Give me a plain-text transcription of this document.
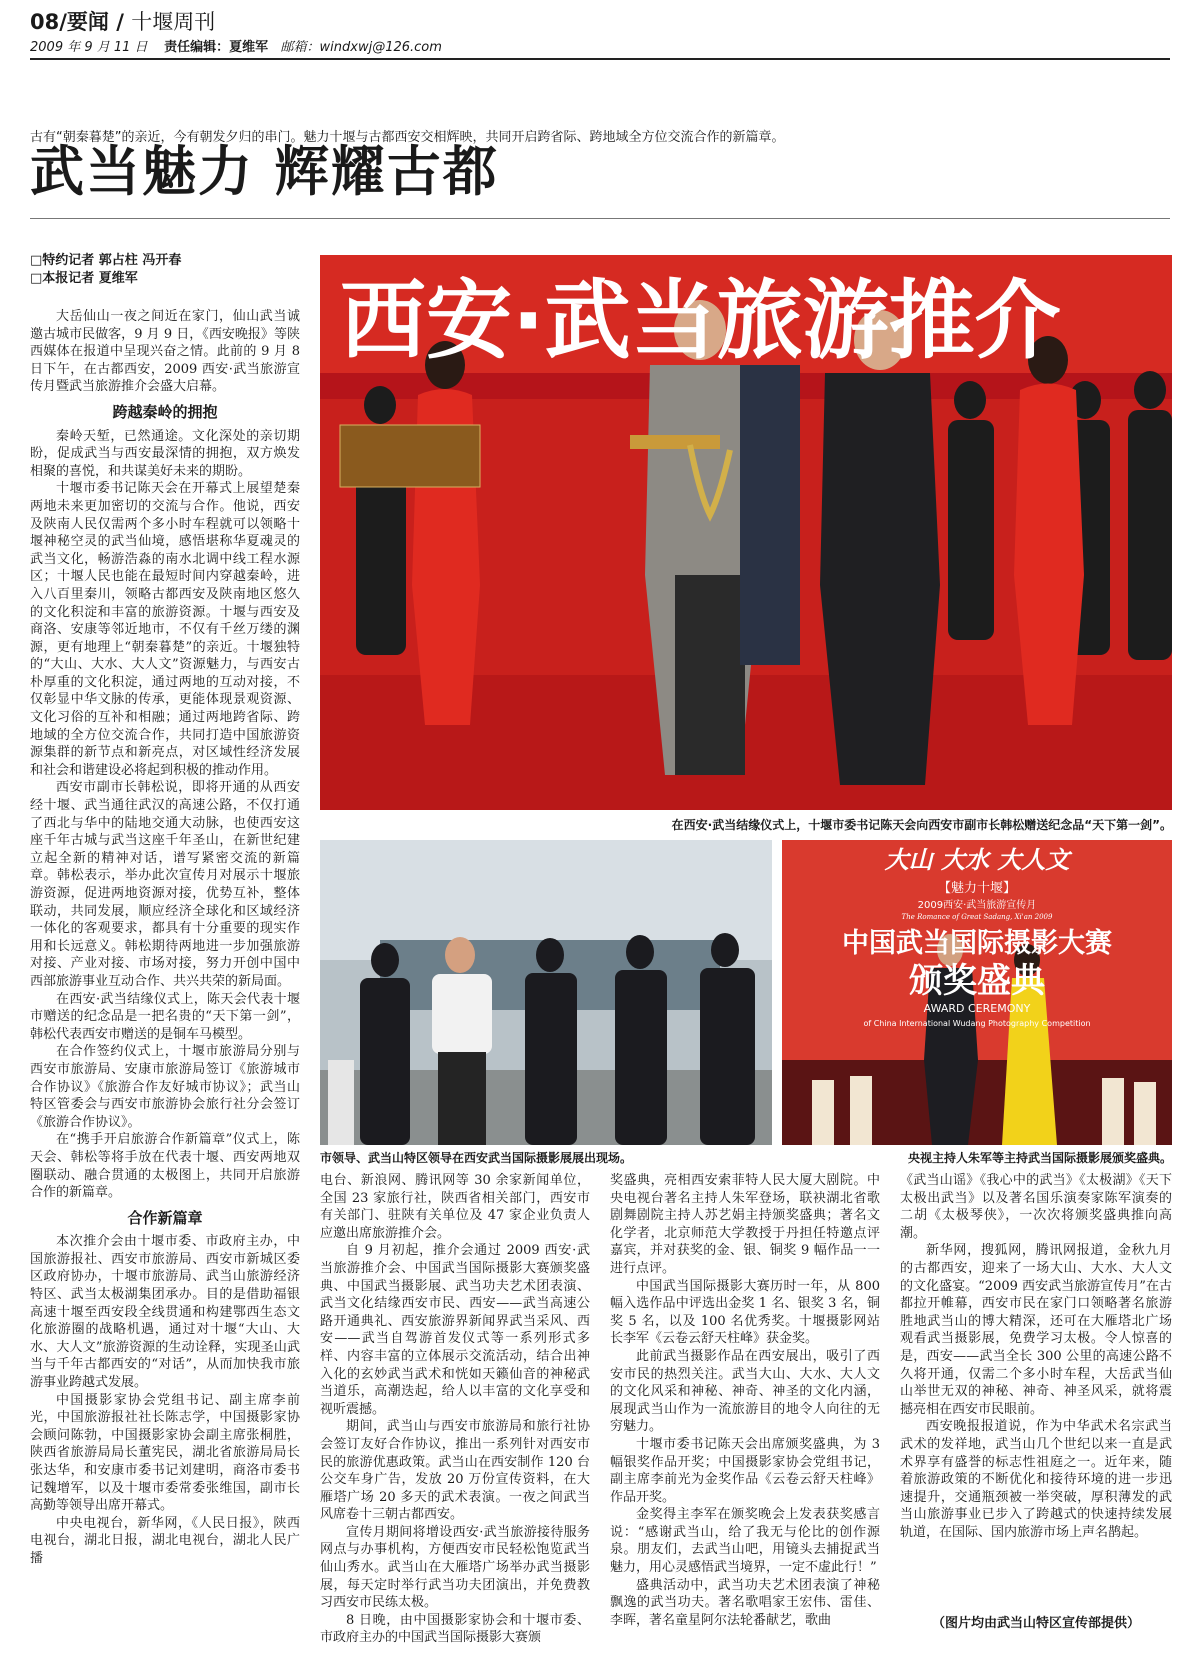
08/要闻 / 十堰周刊
2009 年 9 月 11 日 责任编辑：夏维军 邮箱：windxwj@126.com
古有“朝秦暮楚”的亲近，今有朝发夕归的串门。魅力十堰与古都西安交相辉映，共同开启跨省际、跨地域全方位交流合作的新篇章。
武当魅力 辉耀古都
□特约记者 郭占柱 冯开春
□本报记者 夏维军

大岳仙山一夜之间近在家门，仙山武当诚邀古城市民做客，9 月 9 日，《西安晚报》等陕西媒体在报道中呈现兴奋之情。此前的 9 月 8 日下午，在古都西安，2009 西安·武当旅游宣传月暨武当旅游推介会盛大启幕。

跨越秦岭的拥抱

秦岭天堑，已然通途。文化深处的亲切期盼，促成武当与西安最深情的拥抱，双方焕发相聚的喜悦，和共谋美好未来的期盼。

十堰市委书记陈天会在开幕式上展望楚秦两地未来更加密切的交流与合作。他说，西安及陕南人民仅需两个多小时车程就可以领略十堰神秘空灵的武当仙境，感悟堪称华夏魂灵的武当文化，畅游浩淼的南水北调中线工程水源区；十堰人民也能在最短时间内穿越秦岭，进入八百里秦川，领略古都西安及陕南地区悠久的文化积淀和丰富的旅游资源。十堰与西安及商洛、安康等邻近地市，不仅有千丝万缕的渊源，更有地理上“朝秦暮楚”的亲近。十堰独特的“大山、大水、大人文”资源魅力，与西安古朴厚重的文化积淀，通过两地的互动对接，不仅彰显中华文脉的传承，更能体现景观资源、文化习俗的互补和相融；通过两地跨省际、跨地域的全方位交流合作，共同打造中国旅游资源集群的新节点和新亮点，对区域性经济发展和社会和谐建设必将起到积极的推动作用。

西安市副市长韩松说，即将开通的从西安经十堰、武当通往武汉的高速公路，不仅打通了西北与华中的陆地交通大动脉，也使西安这座千年古城与武当这座千年圣山，在新世纪建立起全新的精神对话，谱写紧密交流的新篇章。韩松表示，举办此次宣传月对展示十堰旅游资源，促进两地资源对接，优势互补，整体联动，共同发展，顺应经济全球化和区域经济一体化的客观要求，都具有十分重要的现实作用和长远意义。韩松期待两地进一步加强旅游对接、产业对接、市场对接，努力开创中国中西部旅游事业互动合作、共兴共荣的新局面。

在西安·武当结缘仪式上，陈天会代表十堰市赠送的纪念品是一把名贵的“天下第一剑”，韩松代表西安市赠送的是铜车马模型。

在合作签约仪式上，十堰市旅游局分别与西安市旅游局、安康市旅游局签订《旅游城市合作协议》《旅游合作友好城市协议》；武当山特区管委会与西安市旅游协会旅行社分会签订《旅游合作协议》。

在“携手开启旅游合作新篇章”仪式上，陈天会、韩松等将手放在代表十堰、西安两地双圈联动、融合贯通的太极图上，共同开启旅游合作的新篇章。

合作新篇章

本次推介会由十堰市委、市政府主办，中国旅游报社、西安市旅游局、西安市新城区委区政府协办，十堰市旅游局、武当山旅游经济特区、武当太极湖集团承办。目的是借助福银高速十堰至西安段全线贯通和构建鄂西生态文化旅游圈的战略机遇，通过对十堰“大山、大水、大人文”旅游资源的生动诠释，实现圣山武当与千年古都西安的“对话”，从而加快我市旅游事业跨越式发展。

中国摄影家协会党组书记、副主席李前光，中国旅游报社社长陈志学，中国摄影家协会顾问陈勃，中国摄影家协会副主席张桐胜，陕西省旅游局局长董宪民，湖北省旅游局局长张达华，和安康市委书记刘建明，商洛市委书记魏增军，以及十堰市委常委张维国，副市长高勤等领导出席开幕式。

中央电视台，新华网，《人民日报》，陕西电视台，湖北日报，湖北电视台，湖北人民广播

西安·武当旅游推介
在西安·武当结缘仪式上，十堰市委书记陈天会向西安市副市长韩松赠送纪念品“天下第一剑”。
市领导、武当山特区领导在西安武当国际摄影展展出现场。
大山 大水 大人文
【魅力十堰】
2009西安·武当旅游宣传月
The Romance of Great Sadang, Xi'an 2009
中国武当国际摄影大赛
颁奖盛典
AWARD CEREMONY
of China International Wudang Photography Competition
央视主持人朱军等主持武当国际摄影展颁奖盛典。

电台、新浪网、腾讯网等 30 余家新闻单位，全国 23 家旅行社，陕西省相关部门，西安市有关部门、驻陕有关单位及 47 家企业负责人应邀出席旅游推介会。

自 9 月初起，推介会通过 2009 西安·武当旅游推介会、中国武当国际摄影大赛颁奖盛典、中国武当摄影展、武当功夫艺术团表演、武当文化结缘西安市民、西安——武当高速公路开通典礼、西安旅游界新闻界武当采风、西安——武当自驾游首发仪式等一系列形式多样、内容丰富的立体展示交流活动，结合出神入化的玄妙武当武术和恍如天籁仙音的神秘武当道乐，高潮迭起，给人以丰富的文化享受和视听震撼。

期间，武当山与西安市旅游局和旅行社协会签订友好合作协议，推出一系列针对西安市民的旅游优惠政策。武当山在西安制作 120 台公交车身广告，发放 20 万份宣传资料，在大雁塔广场 20 多天的武术表演。一夜之间武当风席卷十三朝古都西安。

宣传月期间将增设西安·武当旅游接待服务网点与办事机构，方便西安市民轻松饱览武当仙山秀水。武当山在大雁塔广场举办武当摄影展，每天定时举行武当功夫团演出，并免费教习西安市民练太极。

8 日晚，由中国摄影家协会和十堰市委、市政府主办的中国武当国际摄影大赛颁

奖盛典，亮相西安索菲特人民大厦大剧院。中央电视台著名主持人朱军登场，联袂湖北省歌剧舞剧院主持人苏艺娟主持颁奖盛典；著名文化学者，北京师范大学教授于丹担任特邀点评嘉宾，并对获奖的金、银、铜奖 9 幅作品一一进行点评。

中国武当国际摄影大赛历时一年，从 800 幅入选作品中评选出金奖 1 名、银奖 3 名，铜奖 5 名，以及 100 名优秀奖。十堰摄影网站长李军《云卷云舒天柱峰》获金奖。

此前武当摄影作品在西安展出，吸引了西安市民的热烈关注。武当大山、大水、大人文的文化风采和神秘、神奇、神圣的文化内涵，展现武当山作为一流旅游目的地令人向往的无穷魅力。

十堰市委书记陈天会出席颁奖盛典，为 3 幅银奖作品开奖；中国摄影家协会党组书记，副主席李前光为金奖作品《云卷云舒天柱峰》作品开奖。

金奖得主李军在颁奖晚会上发表获奖感言说：“感谢武当山，给了我无与伦比的创作源泉。朋友们，去武当山吧，用镜头去捕捉武当魅力，用心灵感悟武当境界，一定不虚此行！”

盛典活动中，武当功夫艺术团表演了神秘飘逸的武当功夫。著名歌唱家王宏伟、雷佳、李晖，著名童星阿尔法轮番献艺，歌曲

《武当山谣》《我心中的武当》《太极湖》《天下太极出武当》以及著名国乐演奏家陈军演奏的二胡《太极琴侠》，一次次将颁奖盛典推向高潮。

新华网，搜狐网，腾讯网报道，金秋九月的古都西安，迎来了一场大山、大水、大人文的文化盛宴。“2009 西安武当旅游宣传月”在古都拉开帷幕，西安市民在家门口领略著名旅游胜地武当山的博大精深，还可在大雁塔北广场观看武当摄影展，免费学习太极。令人惊喜的是，西安——武当全长 300 公里的高速公路不久将开通，仅需二个多小时车程，大岳武当仙山举世无双的神秘、神奇、神圣风采，就将震撼亮相在西安市民眼前。

西安晚报报道说，作为中华武术名宗武当武术的发祥地，武当山几个世纪以来一直是武术界享有盛誉的标志性祖庭之一。近年来，随着旅游政策的不断优化和接待环境的进一步迅速提升，交通瓶颈被一举突破，厚积薄发的武当山旅游事业已步入了跨越式的快速持续发展轨道，在国际、国内旅游市场上声名鹊起。

（图片均由武当山特区宣传部提供）
